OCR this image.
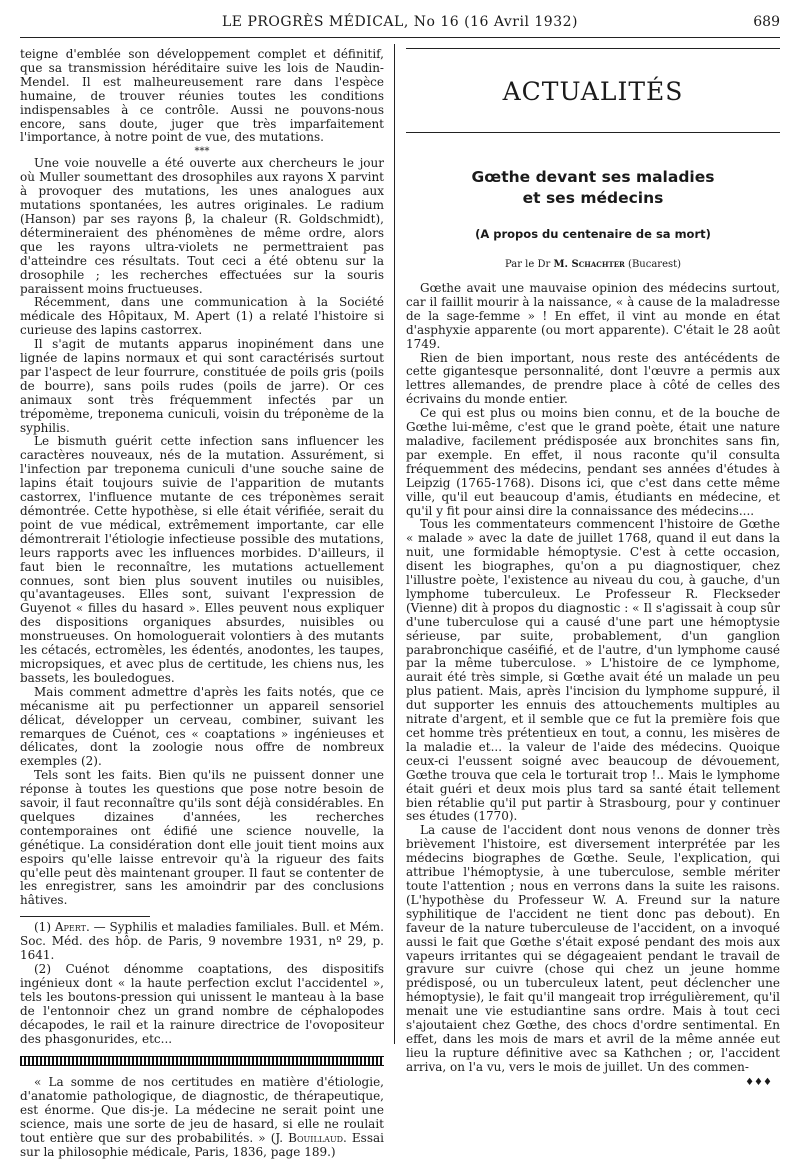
LE PROGRÈS MÉDICAL, No 16 (16 Avril 1932)	689

teigne d'emblée son développement complet et définitif, que sa transmission héréditaire suive les lois de Naudin-Mendel. Il est malheureusement rare dans l'espèce humaine, de trouver réunies toutes les conditions indispensables à ce contrôle. Aussi ne pouvons-nous encore, sans doute, juger que très imparfaitement l'importance, à notre point de vue, des mutations.

***

Une voie nouvelle a été ouverte aux chercheurs le jour où Muller soumettant des drosophiles aux rayons X parvint à provoquer des mutations, les unes analogues aux mutations spontanées, les autres originales. Le radium (Hanson) par ses rayons β, la chaleur (R. Goldschmidt), détermineraient des phénomènes de même ordre, alors que les rayons ultra-violets ne permettraient pas d'atteindre ces résultats. Tout ceci a été obtenu sur la drosophile ; les recherches effectuées sur la souris paraissent moins fructueuses.

Récemment, dans une communication à la Société médicale des Hôpitaux, M. Apert (1) a relaté l'histoire si curieuse des lapins castorrex.

Il s'agit de mutants apparus inopinément dans une lignée de lapins normaux et qui sont caractérisés surtout par l'aspect de leur fourrure, constituée de poils gris (poils de bourre), sans poils rudes (poils de jarre). Or ces animaux sont très fréquemment infectés par un trépomème, treponema cuniculi, voisin du tréponème de la syphilis.

Le bismuth guérit cette infection sans influencer les caractères nouveaux, nés de la mutation. Assurément, si l'infection par treponema cuniculi d'une souche saine de lapins était toujours suivie de l'apparition de mutants castorrex, l'influence mutante de ces tréponèmes serait démontrée. Cette hypothèse, si elle était vérifiée, serait du point de vue médical, extrêmement importante, car elle démontrerait l'étiologie infectieuse possible des mutations, leurs rapports avec les influences morbides. D'ailleurs, il faut bien le reconnaître, les mutations actuellement connues, sont bien plus souvent inutiles ou nuisibles, qu'avantageuses. Elles sont, suivant l'expression de Guyenot « filles du hasard ». Elles peuvent nous expliquer des dispositions organiques absurdes, nuisibles ou monstrueuses. On homologuerait volontiers à des mutants les cétacés, ectromèles, les édentés, anodontes, les taupes, micropsiques, et avec plus de certitude, les chiens nus, les bassets, les bouledogues.

Mais comment admettre d'après les faits notés, que ce mécanisme ait pu perfectionner un appareil sensoriel délicat, développer un cerveau, combiner, suivant les remarques de Cuénot, ces « coaptations » ingénieuses et délicates, dont la zoologie nous offre de nombreux exemples (2).

Tels sont les faits. Bien qu'ils ne puissent donner une réponse à toutes les questions que pose notre besoin de savoir, il faut reconnaître qu'ils sont déjà considérables. En quelques dizaines d'années, les recherches contemporaines ont édifié une science nouvelle, la génétique. La considération dont elle jouit tient moins aux espoirs qu'elle laisse entrevoir qu'à la rigueur des faits qu'elle peut dès maintenant grouper. Il faut se contenter de les enregistrer, sans les amoindrir par des conclusions hâtives.

(1) Apert. — Syphilis et maladies familiales. Bull. et Mém. Soc. Méd. des hôp. de Paris, 9 novembre 1931, nº 29, p. 1641.

(2) Cuénot dénomme coaptations, des dispositifs ingénieux dont « la haute perfection exclut l'accidentel », tels les boutons-pression qui unissent le manteau à la base de l'entonnoir chez un grand nombre de céphalopodes décapodes, le rail et la rainure directrice de l'ovopositeur des phasgonurides, etc...

« La somme de nos certitudes en matière d'étiologie, d'anatomie pathologique, de diagnostic, de thérapeutique, est énorme. Que dis-je. La médecine ne serait point une science, mais une sorte de jeu de hasard, si elle ne roulait tout entière que sur des probabilités. » (J. Bouillaud. Essai sur la philosophie médicale, Paris, 1836, page 189.)

ACTUALITÉS
Gœthe devant ses maladies
et ses médecins
(A propos du centenaire de sa mort)
Par le Dr M. Schachter (Bucarest)

Gœthe avait une mauvaise opinion des médecins surtout, car il faillit mourir à la naissance, « à cause de la maladresse de la sage-femme » ! En effet, il vint au monde en état d'asphyxie apparente (ou mort apparente). C'était le 28 août 1749.

Rien de bien important, nous reste des antécédents de cette gigantesque personnalité, dont l'œuvre a permis aux lettres allemandes, de prendre place à côté de celles des écrivains du monde entier.

Ce qui est plus ou moins bien connu, et de la bouche de Gœthe lui-même, c'est que le grand poète, était une nature maladive, facilement prédisposée aux bronchites sans fin, par exemple. En effet, il nous raconte qu'il consulta fréquemment des médecins, pendant ses années d'études à Leipzig (1765-1768). Disons ici, que c'est dans cette même ville, qu'il eut beaucoup d'amis, étudiants en médecine, et qu'il y fit pour ainsi dire la connaissance des médecins....

Tous les commentateurs commencent l'histoire de Gœthe « malade » avec la date de juillet 1768, quand il eut dans la nuit, une formidable hémoptysie. C'est à cette occasion, disent les biographes, qu'on a pu diagnostiquer, chez l'illustre poète, l'existence au niveau du cou, à gauche, d'un lymphome tuberculeux. Le Professeur R. Fleckseder (Vienne) dit à propos du diagnostic : « Il s'agissait à coup sûr d'une tuberculose qui a causé d'une part une hémoptysie sérieuse, par suite, probablement, d'un ganglion parabronchique caséifié, et de l'autre, d'un lymphome causé par la même tuberculose. » L'histoire de ce lymphome, aurait été très simple, si Gœthe avait été un malade un peu plus patient. Mais, après l'incision du lymphome suppuré, il dut supporter les ennuis des attouchements multiples au nitrate d'argent, et il semble que ce fut la première fois que cet homme très prétentieux en tout, a connu, les misères de la maladie et... la valeur de l'aide des médecins. Quoique ceux-ci l'eussent soigné avec beaucoup de dévouement, Gœthe trouva que cela le torturait trop !.. Mais le lymphome était guéri et deux mois plus tard sa santé était tellement bien rétablie qu'il put partir à Strasbourg, pour y continuer ses études (1770).

La cause de l'accident dont nous venons de donner très brièvement l'histoire, est diversement interprétée par les médecins biographes de Gœthe. Seule, l'explication, qui attribue l'hémoptysie, à une tuberculose, semble mériter toute l'attention ; nous en verrons dans la suite les raisons. (L'hypothèse du Professeur W. A. Freund sur la nature syphilitique de l'accident ne tient donc pas debout). En faveur de la nature tuberculeuse de l'accident, on a invoqué aussi le fait que Gœthe s'était exposé pendant des mois aux vapeurs irritantes qui se dégageaient pendant le travail de gravure sur cuivre (chose qui chez un jeune homme prédisposé, ou un tuberculeux latent, peut déclencher une hémoptysie), le fait qu'il mangeait trop irrégulièrement, qu'il menait une vie estudiantine sans ordre. Mais à tout ceci s'ajoutaient chez Gœthe, des chocs d'ordre sentimental. En effet, dans les mois de mars et avril de la même année eut lieu la rupture définitive avec sa Kathchen ; or, l'accident arriva, on l'a vu, vers le mois de juillet. Un des commen-

♦♦♦
